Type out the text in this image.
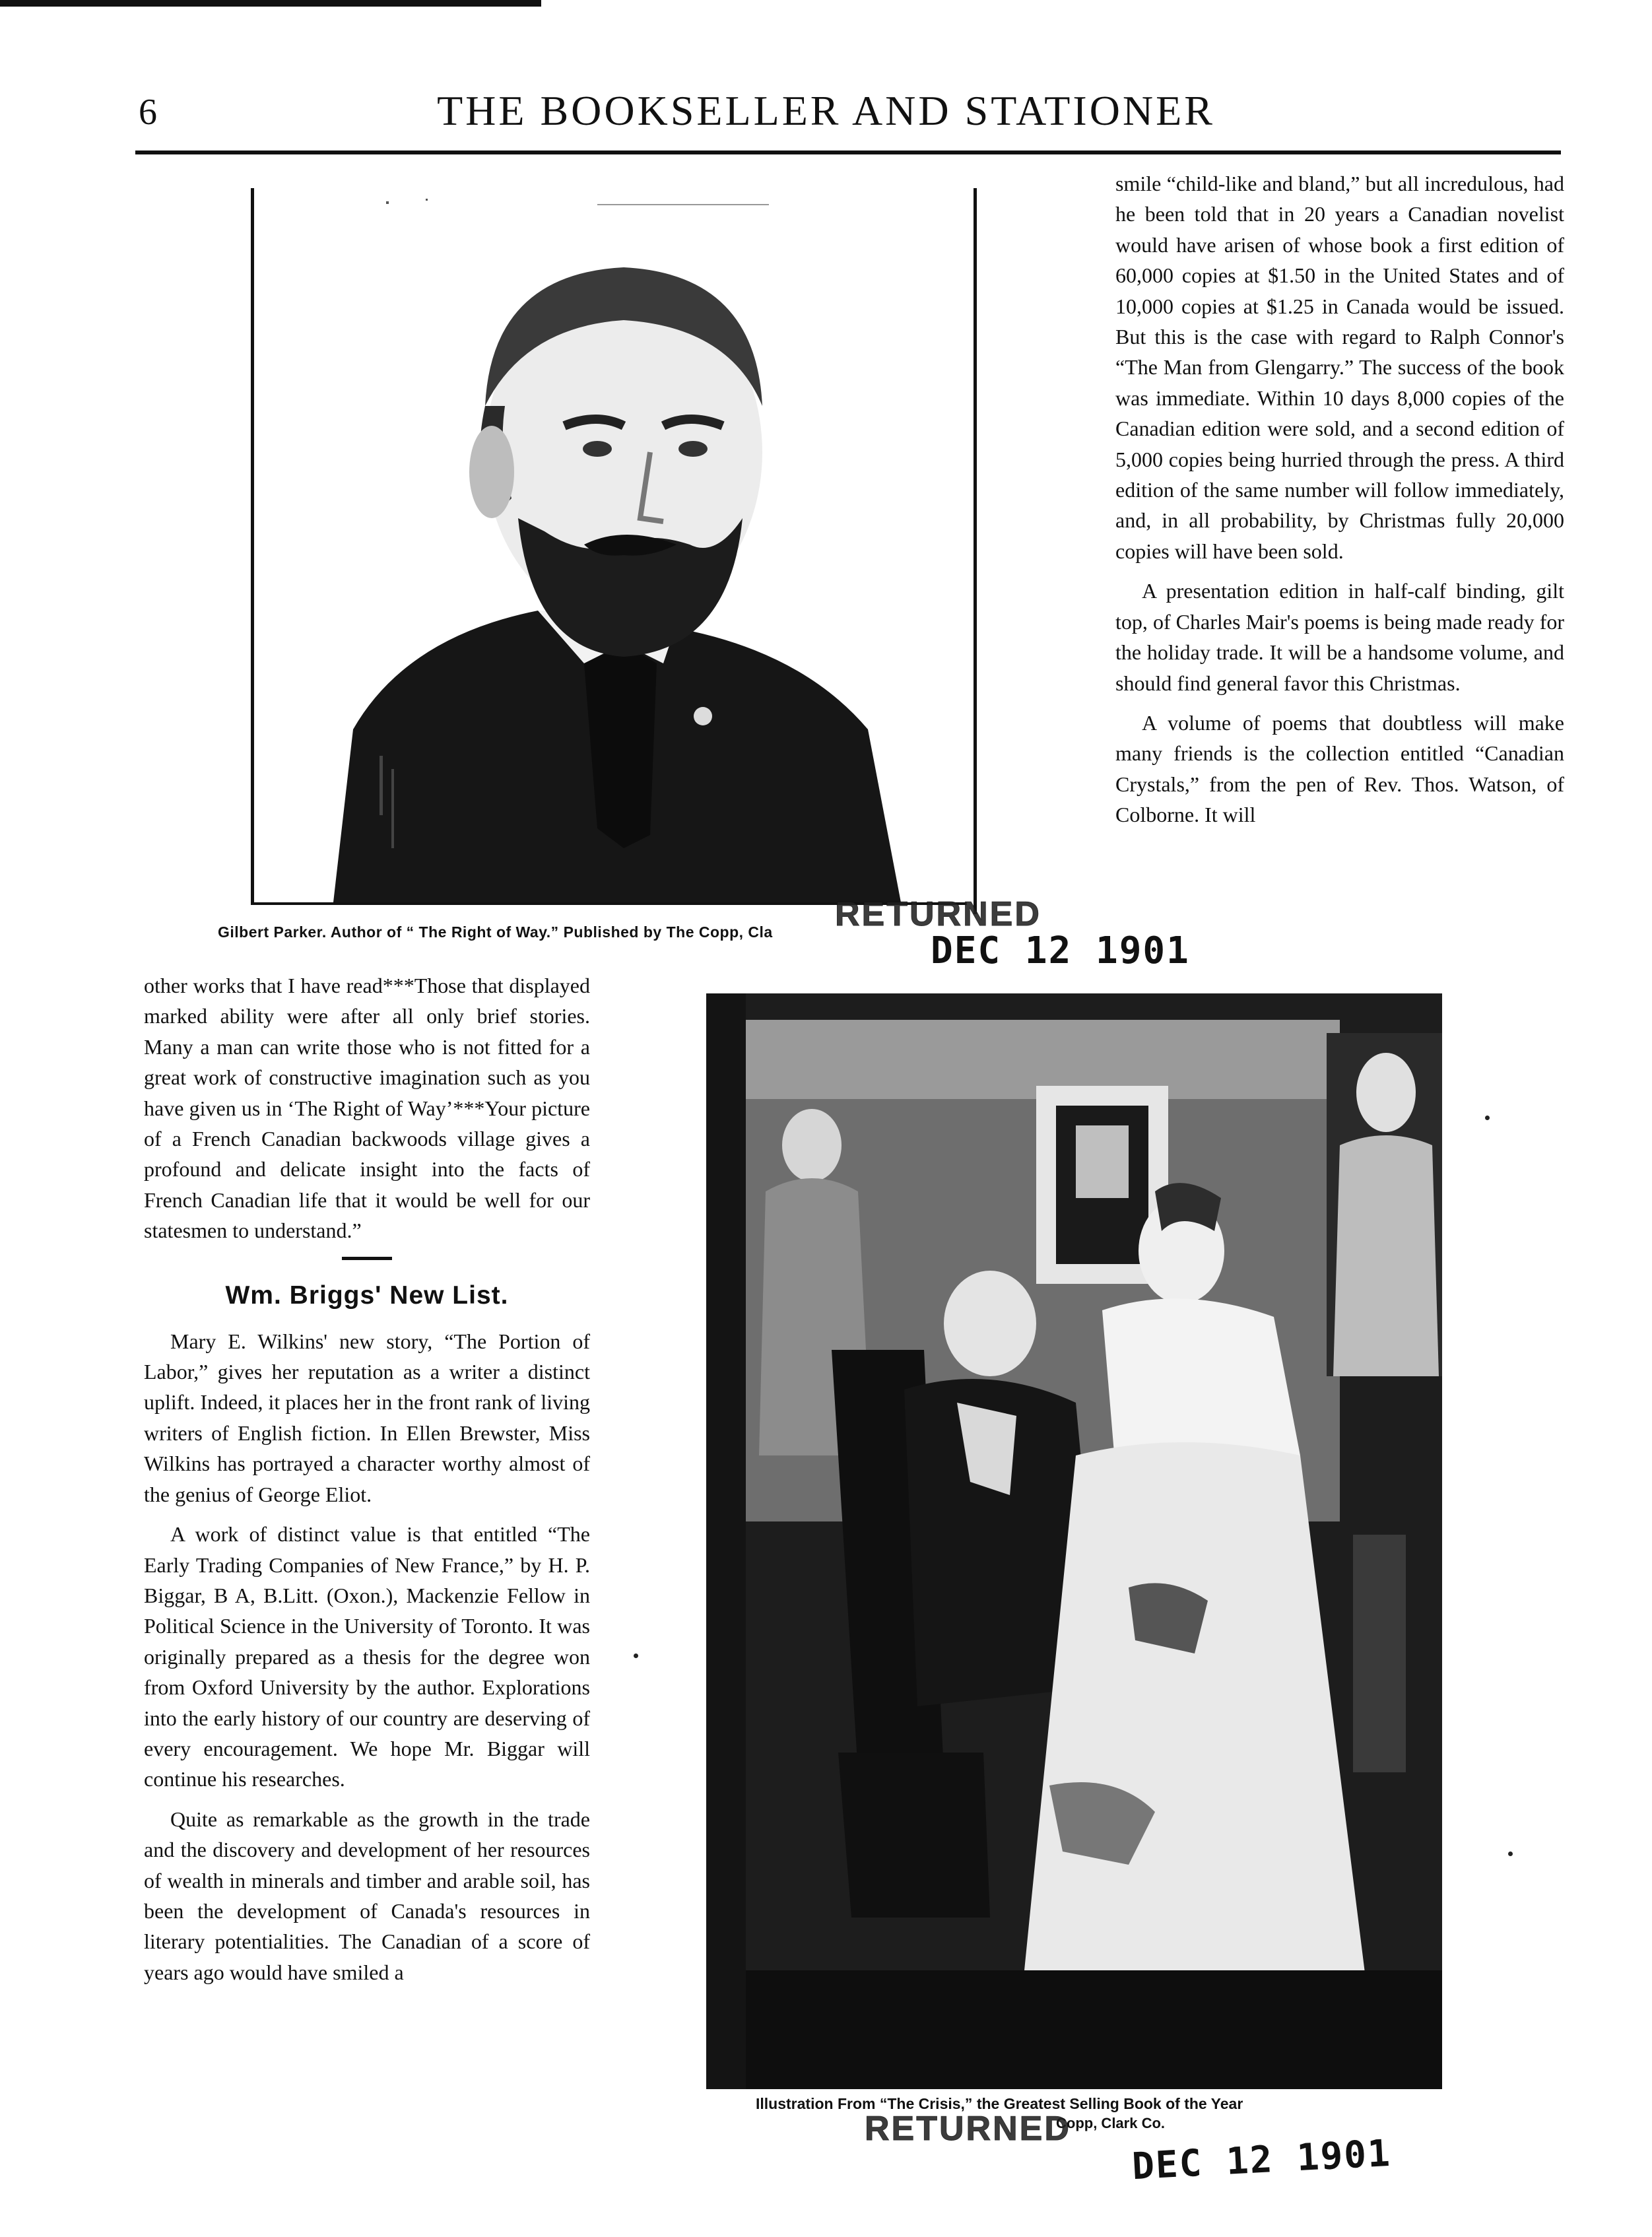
6	THE BOOKSELLER AND STATIONER
Gilbert Parker. Author of “ The Right of Way.” Published by The Copp, Cla

smile “child-like and bland,” but all incredulous, had he been told that in 20 years a Canadian novelist would have arisen of whose book a first edition of 60,000 copies at $1.50 in the United States and of 10,000 copies at $1.25 in Canada would be issued. But this is the case with regard to Ralph Connor's “The Man from Glengarry.” The success of the book was immediate. Within 10 days 8,000 copies of the Canadian edition were sold, and a second edition of 5,000 copies being hurried through the press. A third edition of the same number will follow immediately, and, in all probability, by Christmas fully 20,000 copies will have been sold.

A presentation edition in half-calf binding, gilt top, of Charles Mair's poems is being made ready for the holiday trade. It will be a handsome volume, and should find general favor this Christmas.

A volume of poems that doubtless will make many friends is the collection entitled “Canadian Crystals,” from the pen of Rev. Thos. Watson, of Colborne. It will

other works that I have read***Those that displayed marked ability were after all only brief stories. Many a man can write those who is not fitted for a great work of constructive imagination such as you have given us in ‘The Right of Way’***Your picture of a French Canadian backwoods village gives a profound and delicate insight into the facts of French Canadian life that it would be well for our statesmen to understand.”

Wm. Briggs' New List.

Mary E. Wilkins' new story, “The Portion of Labor,” gives her reputation as a writer a distinct uplift. Indeed, it places her in the front rank of living writers of English fiction. In Ellen Brewster, Miss Wilkins has portrayed a character worthy almost of the genius of George Eliot.

A work of distinct value is that entitled “The Early Trading Companies of New France,” by H. P. Biggar, B A, B.Litt. (Oxon.), Mackenzie Fellow in Political Science in the University of Toronto. It was originally prepared as a thesis for the degree won from Oxford University by the author. Explorations into the early history of our country are deserving of every encouragement. We hope Mr. Biggar will continue his researches.

Quite as remarkable as the growth in the trade and the discovery and development of her resources of wealth in minerals and timber and arable soil, has been the development of Canada's resources in literary potentialities. The Canadian of a score of years ago would have smiled a

Illustration From “The Crisis,” the Greatest Selling Book of the Year
Copp, Clark Co.
RETURNED
DEC 12 1901
RETURNED
DEC 12 1901
